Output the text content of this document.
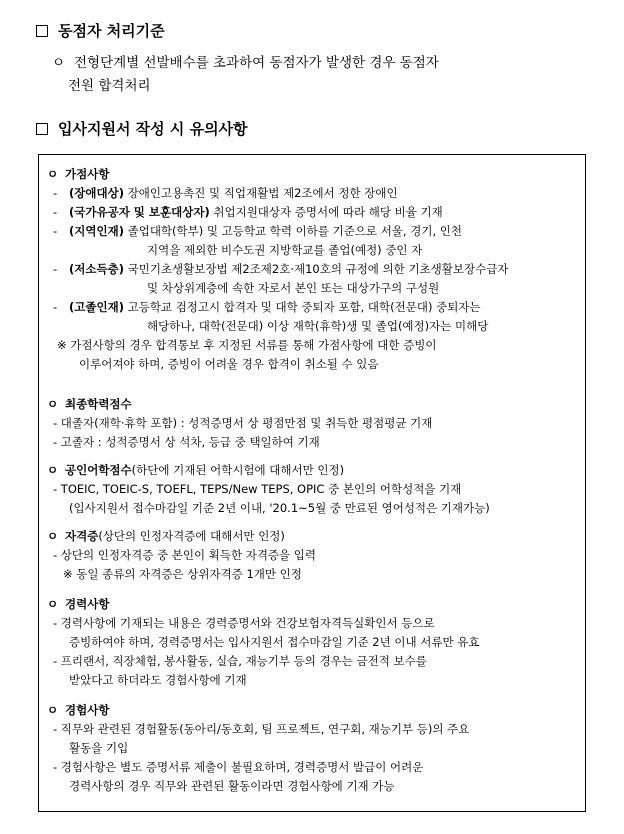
동점자 처리기준
ㅇ 전형단계별 선발배수를 초과하여 동점자가 발생한 경우 동점자
전원 합격처리
입사지원서 작성 시 유의사항
ㅇ 가점사항
- (장애대상) 장애인고용촉진 및 직업재활법 제2조에서 정한 장애인
- (국가유공자 및 보훈대상자) 취업지원대상자 증명서에 따라 해당 비율 기재
- (지역인재) 졸업대학(학부) 및 고등학교 학력 이하를 기준으로 서울, 경기, 인천
지역을 제외한 비수도권 지방학교를 졸업(예정) 중인 자
- (저소득층) 국민기초생활보장법 제2조제2호·제10호의 규정에 의한 기초생활보장수급자
및 차상위계층에 속한 자로서 본인 또는 대상가구의 구성원
- (고졸인재) 고등학교 검정고시 합격자 및 대학 중퇴자 포함, 대학(전문대) 중퇴자는
해당하나, 대학(전문대) 이상 재학(휴학)생 및 졸업(예정)자는 미해당
※ 가점사항의 경우 합격통보 후 지정된 서류를 통해 가점사항에 대한 증빙이
이루어져야 하며, 증빙이 어려울 경우 합격이 취소될 수 있음
ㅇ 최종학력점수
- 대졸자(재학·휴학 포함) : 성적증명서 상 평점만점 및 취득한 평점평균 기재
- 고졸자 : 성적증명서 상 석차, 등급 중 택일하여 기재
ㅇ 공인어학점수(하단에 기재된 어학시험에 대해서만 인정)
- TOEIC, TOEIC-S, TOEFL, TEPS/New TEPS, OPIC 중 본인의 어학성적을 기재
(입사지원서 접수마감일 기준 2년 이내, '20.1~5월 중 만료된 영어성적은 기재가능)
ㅇ 자격증(상단의 인정자격증에 대해서만 인정)
- 상단의 인정자격증 중 본인이 획득한 자격증을 입력
※ 동일 종류의 자격증은 상위자격증 1개만 인정
ㅇ 경력사항
- 경력사항에 기재되는 내용은 경력증명서와 건강보험자격득실확인서 등으로
증빙하여야 하며, 경력증명서는 입사지원서 접수마감일 기준 2년 이내 서류만 유효
- 프리랜서, 직장체험, 봉사활동, 실습, 재능기부 등의 경우는 금전적 보수를
받았다고 하더라도 경험사항에 기재
ㅇ 경험사항
- 직무와 관련된 경험활동(동아리/동호회, 팀 프로젝트, 연구회, 재능기부 등)의 주요
활동을 기입
- 경험사항은 별도 증명서류 제출이 불필요하며, 경력증명서 발급이 어려운
경력사항의 경우 직무와 관련된 활동이라면 경험사항에 기재 가능
